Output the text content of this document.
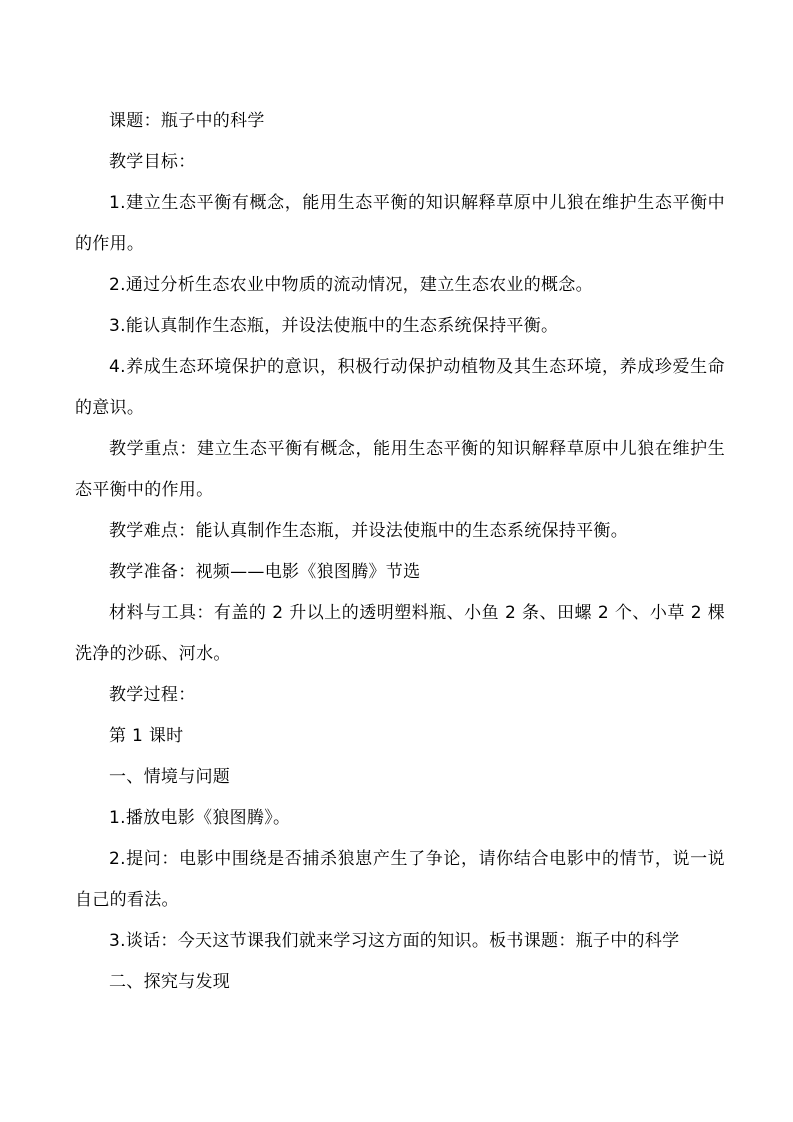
课题：瓶子中的科学

教学目标：

1.建立生态平衡有概念，能用生态平衡的知识解释草原中儿狼在维护生态平衡中的作用。

2.通过分析生态农业中物质的流动情况，建立生态农业的概念。

3.能认真制作生态瓶，并设法使瓶中的生态系统保持平衡。

4.养成生态环境保护的意识，积极行动保护动植物及其生态环境，养成珍爱生命的意识。

教学重点：建立生态平衡有概念，能用生态平衡的知识解释草原中儿狼在维护生态平衡中的作用。

教学难点：能认真制作生态瓶，并设法使瓶中的生态系统保持平衡。

教学准备：视频——电影《狼图腾》节选

材料与工具：有盖的 2 升以上的透明塑料瓶、小鱼 2 条、田螺 2 个、小草 2 棵洗净的沙砾、河水。

教学过程：

第 1 课时

一、情境与问题

1.播放电影《狼图腾》。

2.提问：电影中围绕是否捕杀狼崽产生了争论，请你结合电影中的情节，说一说自己的看法。

3.谈话：今天这节课我们就来学习这方面的知识。板书课题：瓶子中的科学

二、探究与发现
